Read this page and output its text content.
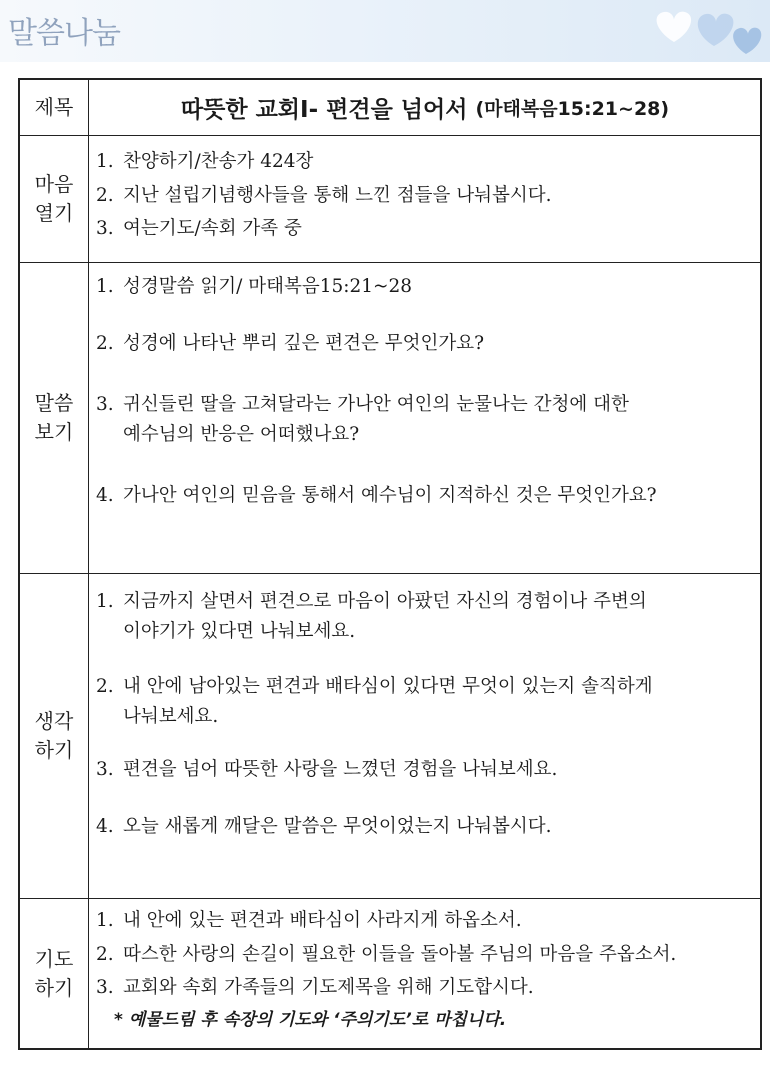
말씀나눔
제목	따뜻한 교회Ⅰ- 편견을 넘어서 (마태복음15:21~28)
마음
열기
1. 찬양하기/찬송가 424장
2. 지난 설립기념행사들을 통해 느낀 점들을 나눠봅시다.
3. 여는기도/속회 가족 중
말씀
보기
1. 성경말씀 읽기/ 마태복음15:21~28
2. 성경에 나타난 뿌리 깊은 편견은 무엇인가요?
3. 귀신들린 딸을 고쳐달라는 가나안 여인의 눈물나는 간청에 대한
예수님의 반응은 어떠했나요?
4. 가나안 여인의 믿음을 통해서 예수님이 지적하신 것은 무엇인가요?
생각
하기
1. 지금까지 살면서 편견으로 마음이 아팠던 자신의 경험이나 주변의
이야기가 있다면 나눠보세요.
2. 내 안에 남아있는 편견과 배타심이 있다면 무엇이 있는지 솔직하게
나눠보세요.
3. 편견을 넘어 따뜻한 사랑을 느꼈던 경험을 나눠보세요.
4. 오늘 새롭게 깨달은 말씀은 무엇이었는지 나눠봅시다.
기도
하기
1. 내 안에 있는 편견과 배타심이 사라지게 하옵소서.
2. 따스한 사랑의 손길이 필요한 이들을 돌아볼 주님의 마음을 주옵소서.
3. 교회와 속회 가족들의 기도제목을 위해 기도합시다.
* 예물드림 후 속장의 기도와 ‘주의기도’로 마칩니다.
